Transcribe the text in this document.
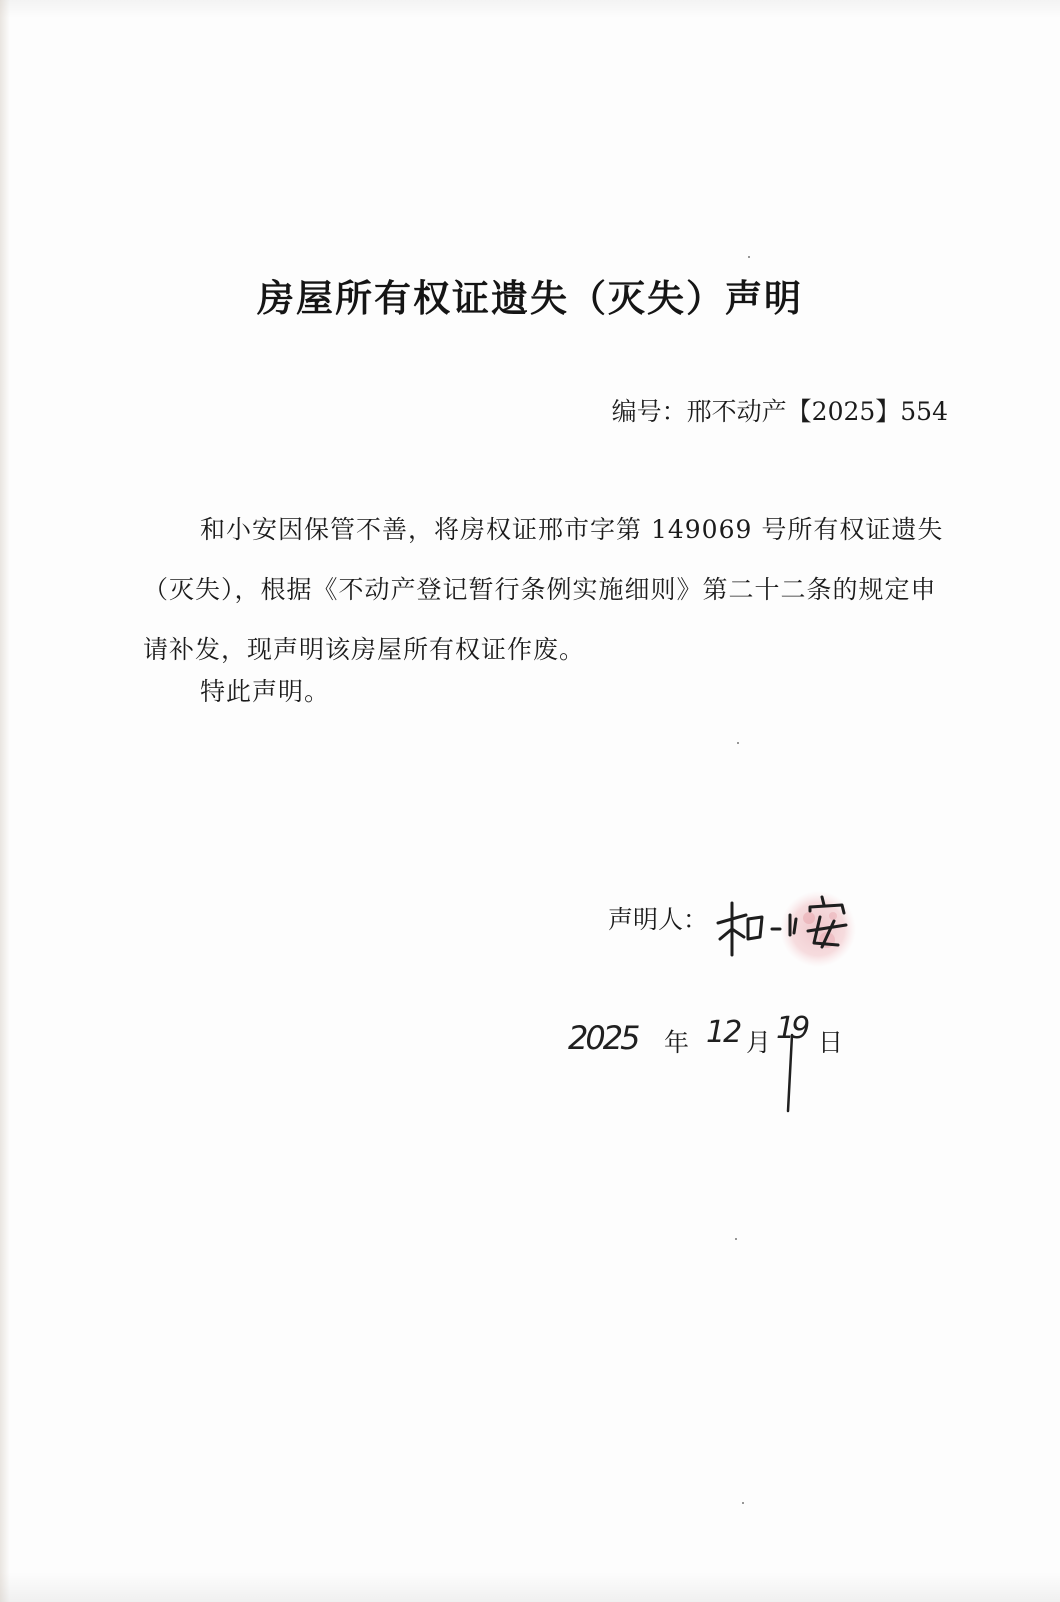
房屋所有权证遗失（灭失）声明
编号：邢不动产【2025】554

和小安因保管不善，将房权证邢市字第 149069 号所有权证遗失（灭失），根据《不动产登记暂行条例实施细则》第二十二条的规定申请补发，现声明该房屋所有权证作废。

特此声明。
声明人：
2025 年 12 月 19 日
